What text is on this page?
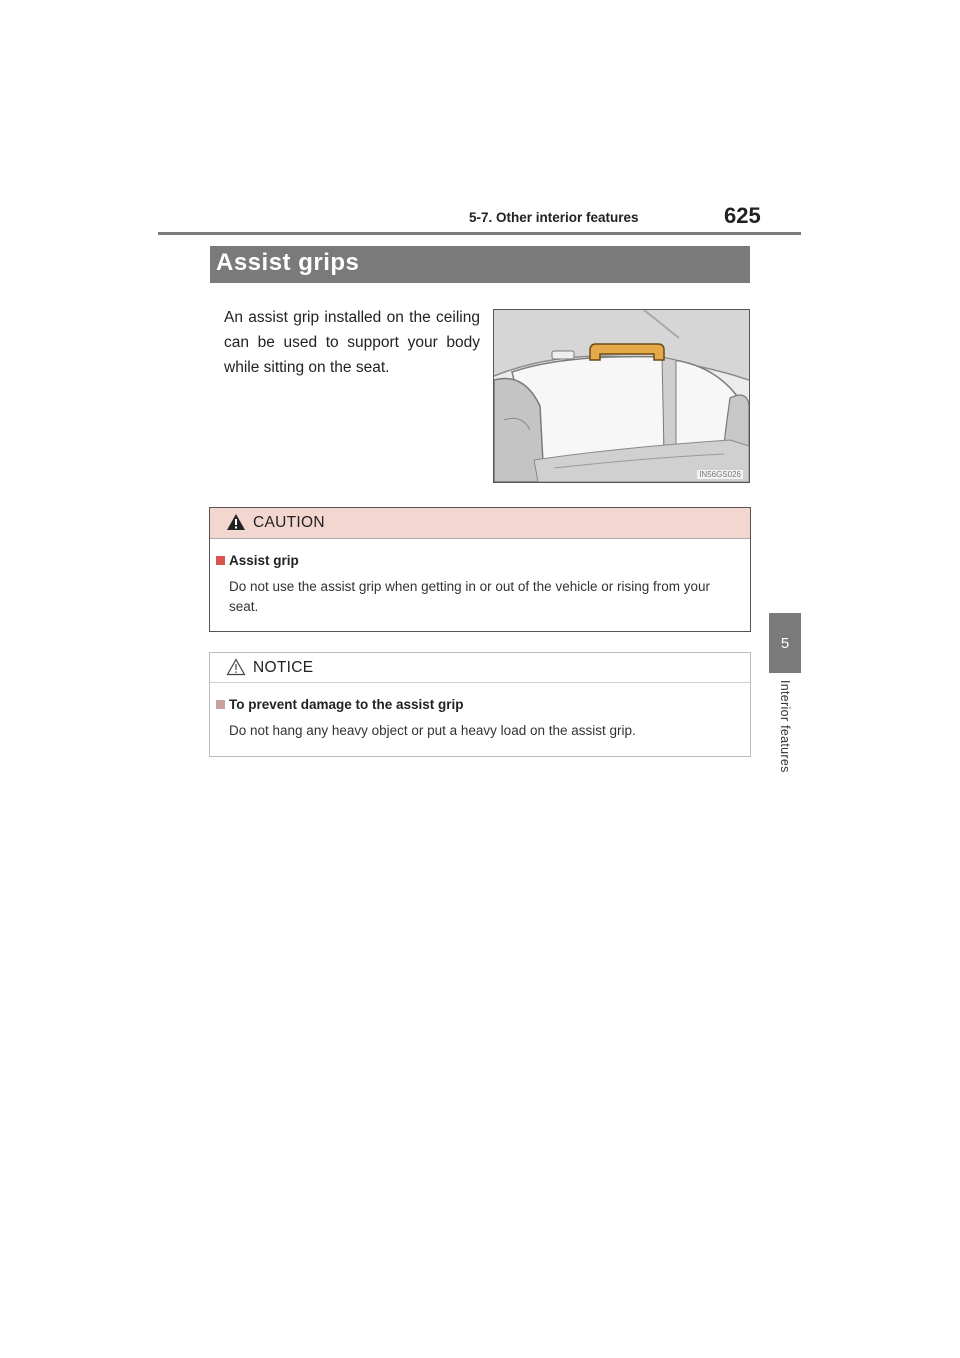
5-7. Other interior features	625
5
Interior features
Assist grips

An assist grip installed on the ceiling can be used to support your body while sitting on the seat.

IN56GS026
CAUTION
Assist grip
Do not use the assist grip when getting in or out of the vehicle or rising from your seat.
NOTICE
To prevent damage to the assist grip
Do not hang any heavy object or put a heavy load on the assist grip.
